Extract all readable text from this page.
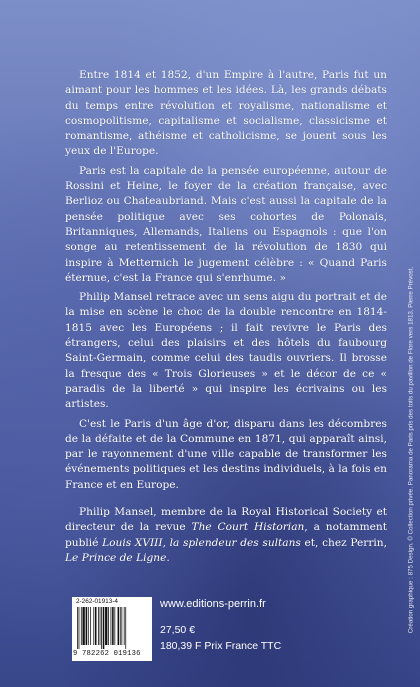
Entre 1814 et 1852, d'un Empire à l'autre, Paris fut un aimant pour les hommes et les idées. Là, les grands débats du temps entre révolution et royalisme, nationalisme et cosmopolitisme, capitalisme et socialisme, classicisme et romantisme, athéisme et catholicisme, se jouent sous les yeux de l'Europe.

Paris est la capitale de la pensée européenne, autour de Rossini et Heine, le foyer de la création française, avec Berlioz ou Chateaubriand. Mais c'est aussi la capitale de la pensée politique avec ses cohortes de Polonais, Britanniques, Allemands, Italiens ou Espagnols : que l'on songe au retentissement de la révolution de 1830 qui inspire à Metternich le jugement célèbre : « Quand Paris éternue, c'est la France qui s'enrhume. »

Philip Mansel retrace avec un sens aigu du portrait et de la mise en scène le choc de la double rencontre en 1814-1815 avec les Européens ; il fait revivre le Paris des étrangers, celui des plaisirs et des hôtels du faubourg Saint-Germain, comme celui des taudis ouvriers. Il brosse la fresque des « Trois Glorieuses » et le décor de ce « paradis de la liberté » qui inspire les écrivains ou les artistes.

C'est le Paris d'un âge d'or, disparu dans les décombres de la défaite et de la Commune en 1871, qui apparaît ainsi, par le rayonnement d'une ville capable de transformer les événements politiques et les destins individuels, à la fois en France et en Europe.

Philip Mansel, membre de la Royal Historical Society et directeur de la revue The Court Historian, a notamment publié Louis XVIII, la splendeur des sultans et, chez Perrin, Le Prince de Ligne.	Création graphique : 875 Design. © Collection privée. Panorama de Paris pris des toits du pavillon de Flore vers 1813, Pierre Prévost.
2-262-01913-4
9 782262 019136
www.editions-perrin.fr
27,50 €
180,39 F Prix France TTC
